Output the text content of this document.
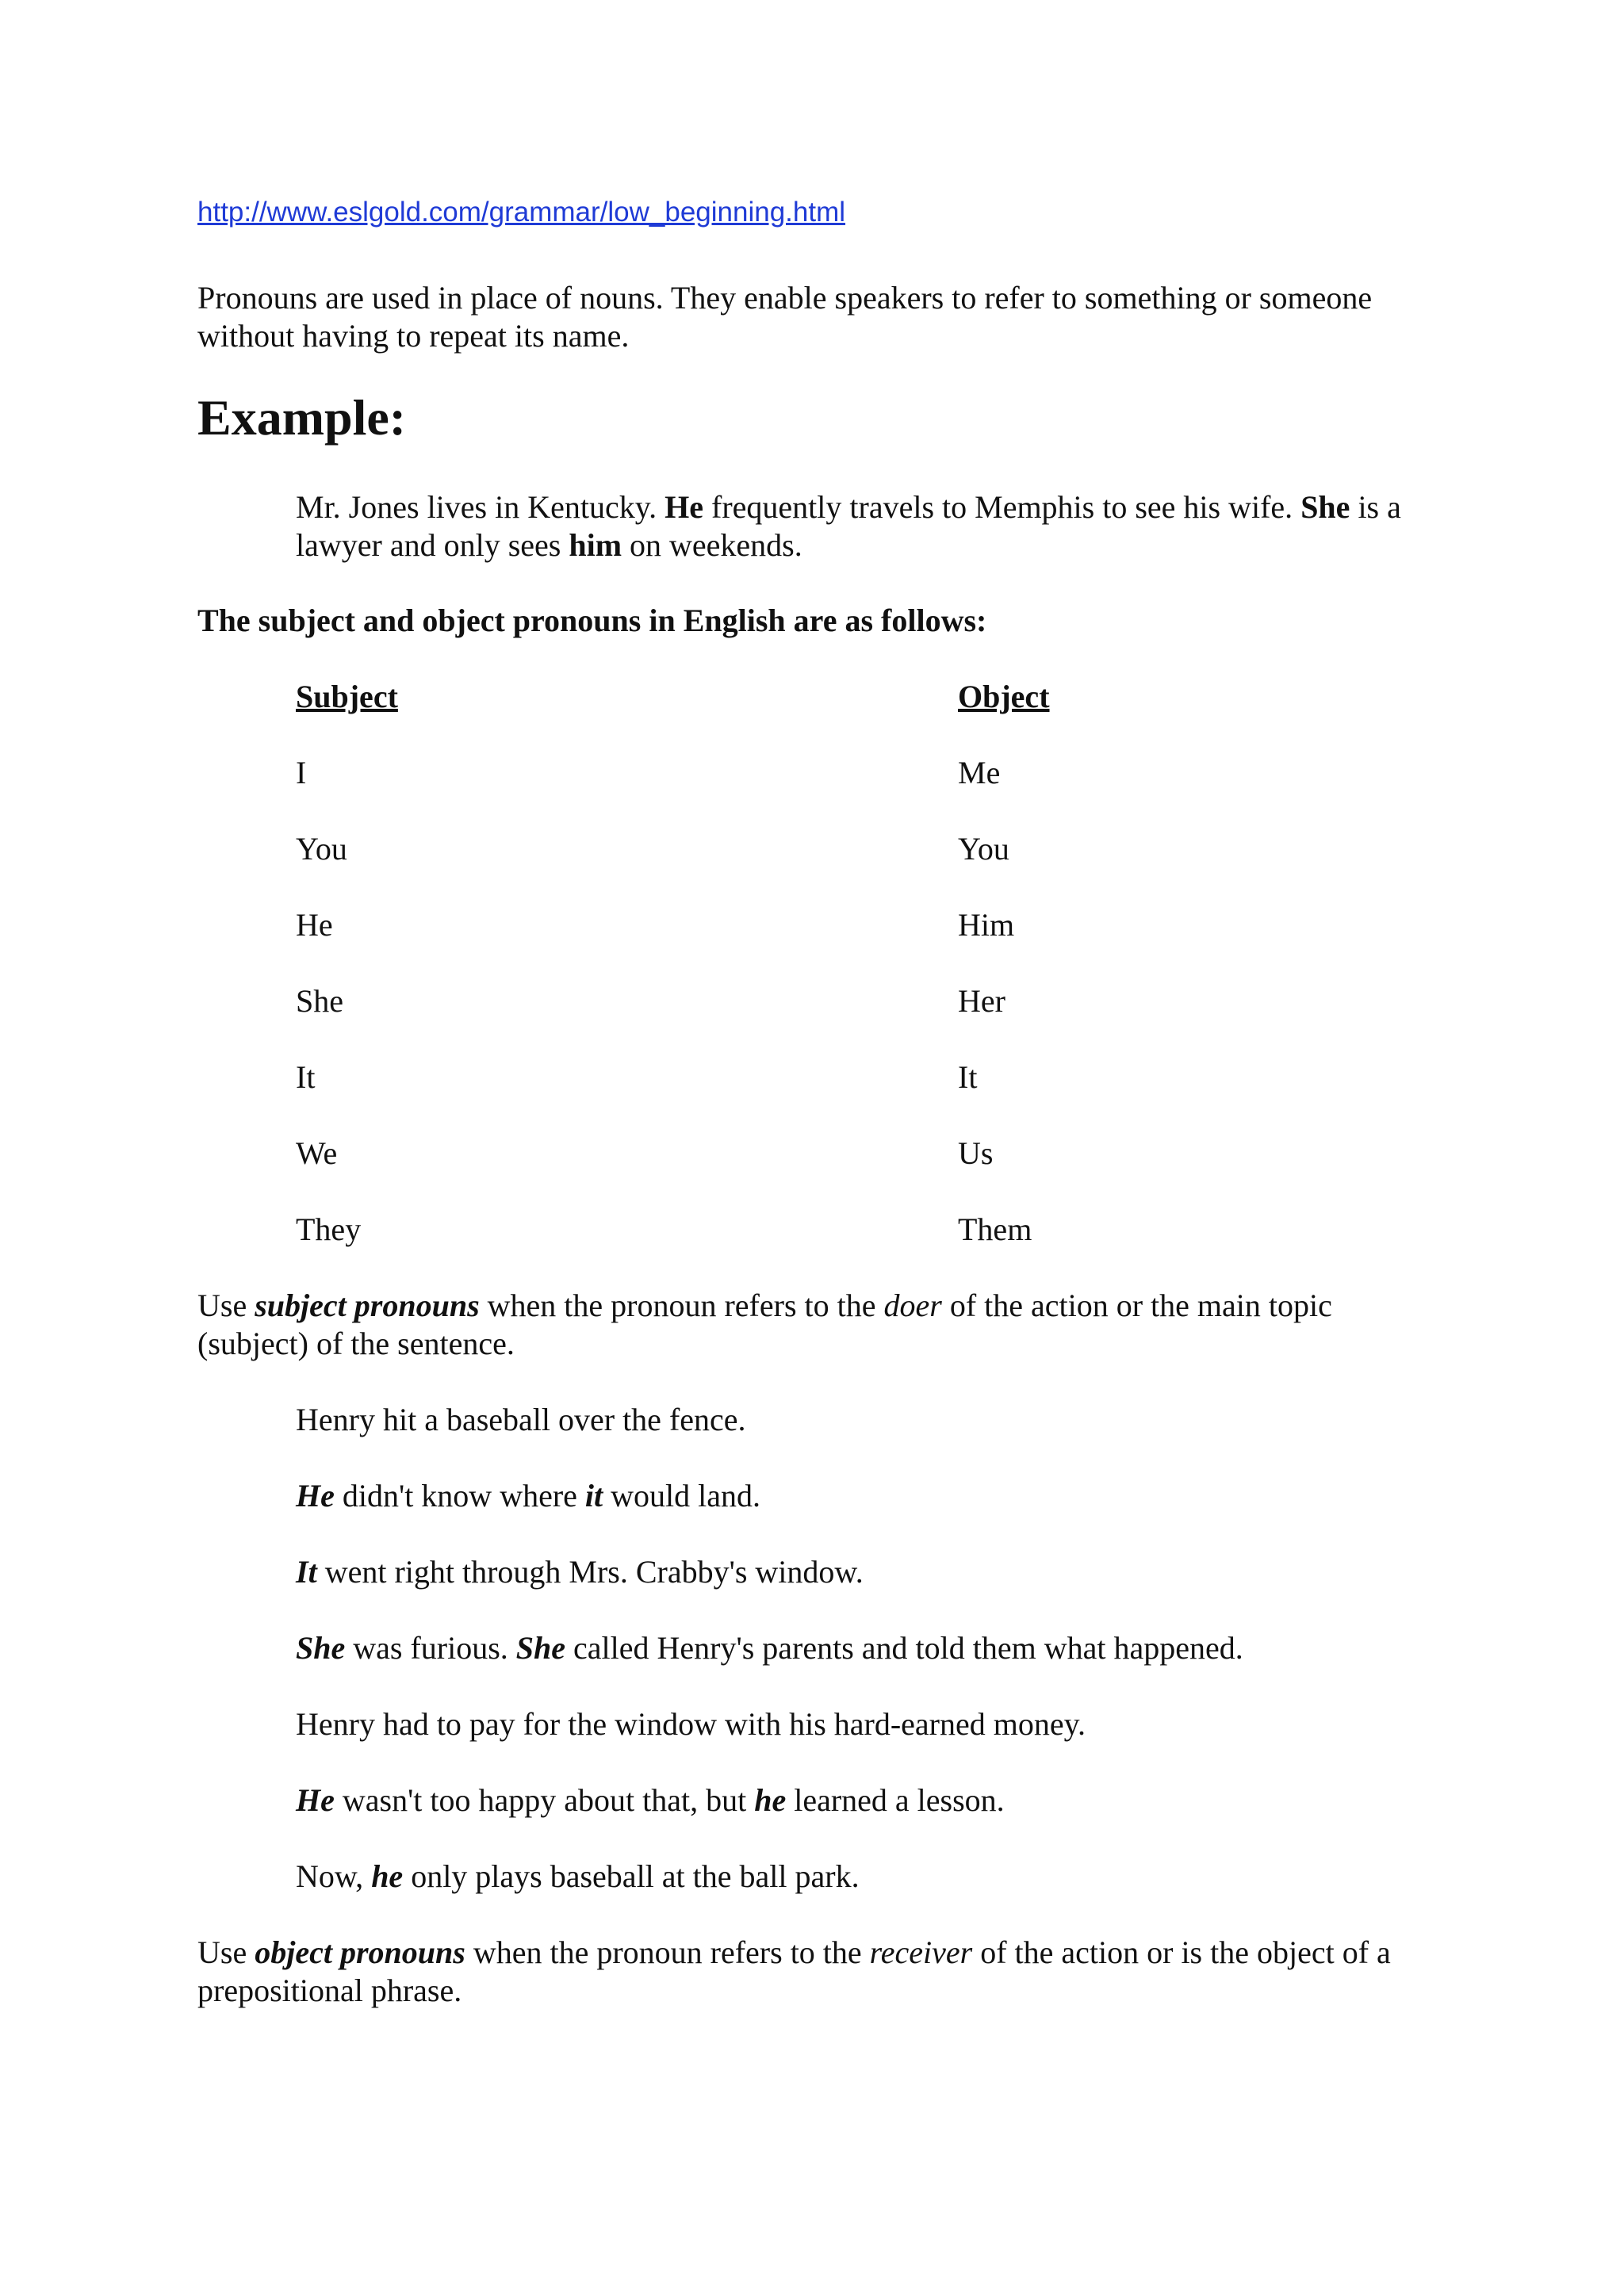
http://www.eslgold.com/grammar/low_beginning.html
Pronouns are used in place of nouns. They enable speakers to refer to something or someone without having to repeat its name.
Example:
Mr. Jones lives in Kentucky. He frequently travels to Memphis to see his wife. She is a lawyer and only sees him on weekends.
The subject and object pronouns in English are as follows:
Subject	Object
I	Me
You	You
He	Him
She	Her
It	It
We	Us
They	Them
Use subject pronouns when the pronoun refers to the doer of the action or the main topic (subject) of the sentence.
Henry hit a baseball over the fence.
He didn't know where it would land.
It went right through Mrs. Crabby's window.
She was furious. She called Henry's parents and told them what happened.
Henry had to pay for the window with his hard-earned money.
He wasn't too happy about that, but he learned a lesson.
Now, he only plays baseball at the ball park.
Use object pronouns when the pronoun refers to the receiver of the action or is the object of a prepositional phrase.
